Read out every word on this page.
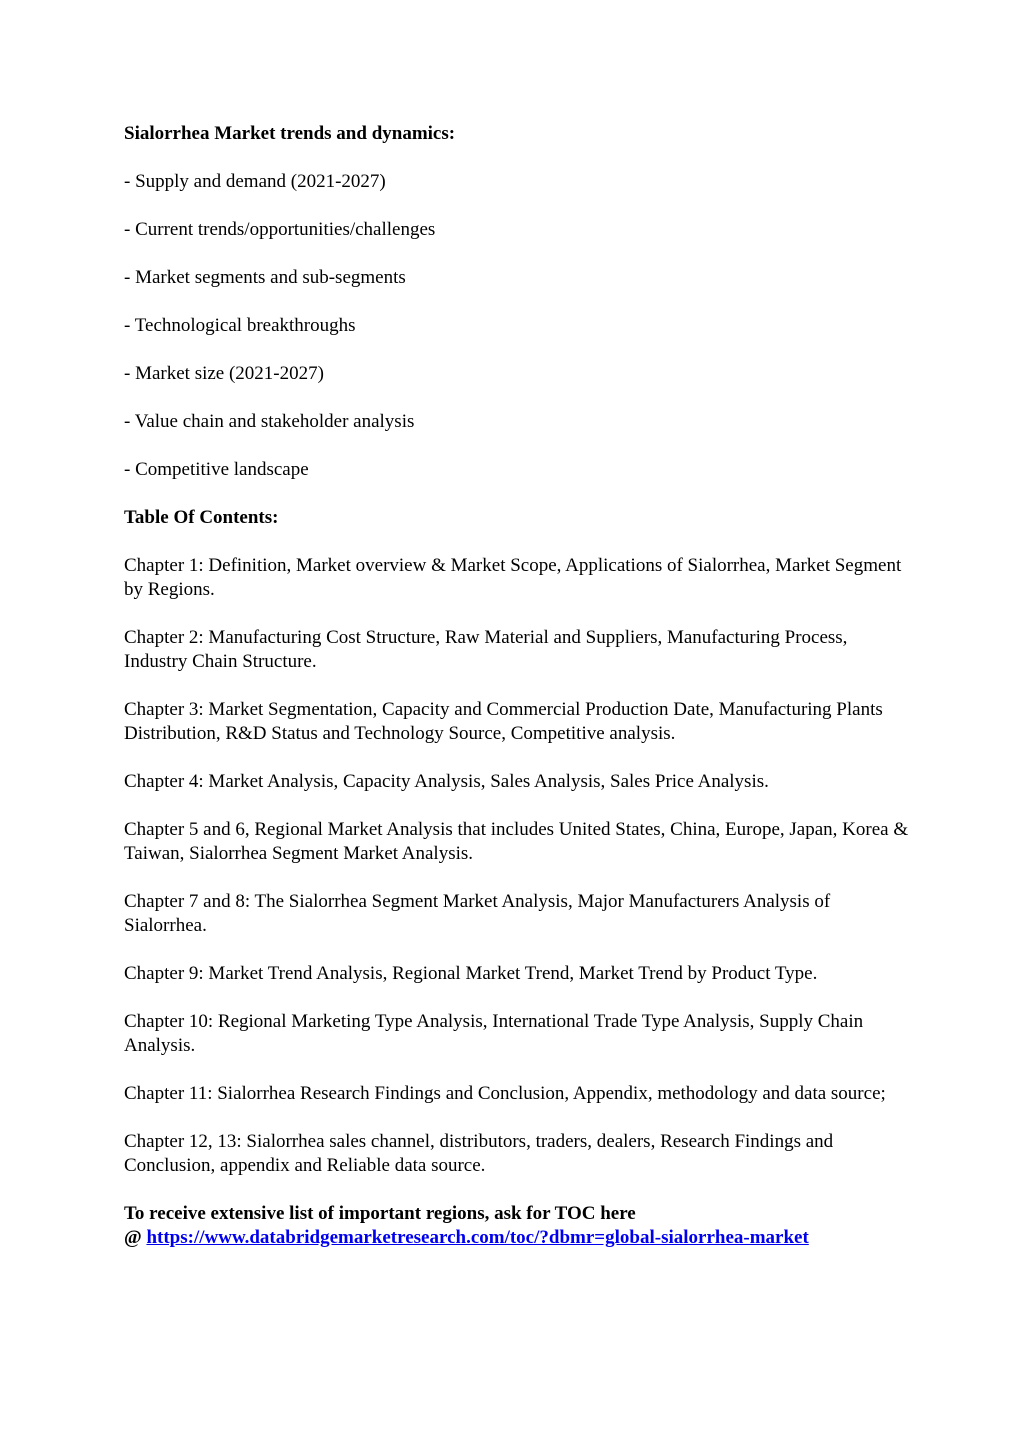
Sialorrhea Market trends and dynamics:

- Supply and demand (2021-2027)

- Current trends/opportunities/challenges

- Market segments and sub-segments

- Technological breakthroughs

- Market size (2021-2027)

- Value chain and stakeholder analysis

- Competitive landscape

Table Of Contents:

Chapter 1: Definition, Market overview & Market Scope, Applications of Sialorrhea, Market Segment by Regions.

Chapter 2: Manufacturing Cost Structure, Raw Material and Suppliers, Manufacturing Process, Industry Chain Structure.

Chapter 3: Market Segmentation, Capacity and Commercial Production Date, Manufacturing Plants Distribution, R&D Status and Technology Source, Competitive analysis.

Chapter 4: Market Analysis, Capacity Analysis, Sales Analysis, Sales Price Analysis.

Chapter 5 and 6, Regional Market Analysis that includes United States, China, Europe, Japan, Korea & Taiwan, Sialorrhea Segment Market Analysis.

Chapter 7 and 8: The Sialorrhea Segment Market Analysis, Major Manufacturers Analysis of Sialorrhea.

Chapter 9: Market Trend Analysis, Regional Market Trend, Market Trend by Product Type.

Chapter 10: Regional Marketing Type Analysis, International Trade Type Analysis, Supply Chain Analysis.

Chapter 11: Sialorrhea Research Findings and Conclusion, Appendix, methodology and data source;

Chapter 12, 13: Sialorrhea sales channel, distributors, traders, dealers, Research Findings and Conclusion, appendix and Reliable data source.

To receive extensive list of important regions, ask for TOC here
@ https://www.databridgemarketresearch.com/toc/?dbmr=global-sialorrhea-market
